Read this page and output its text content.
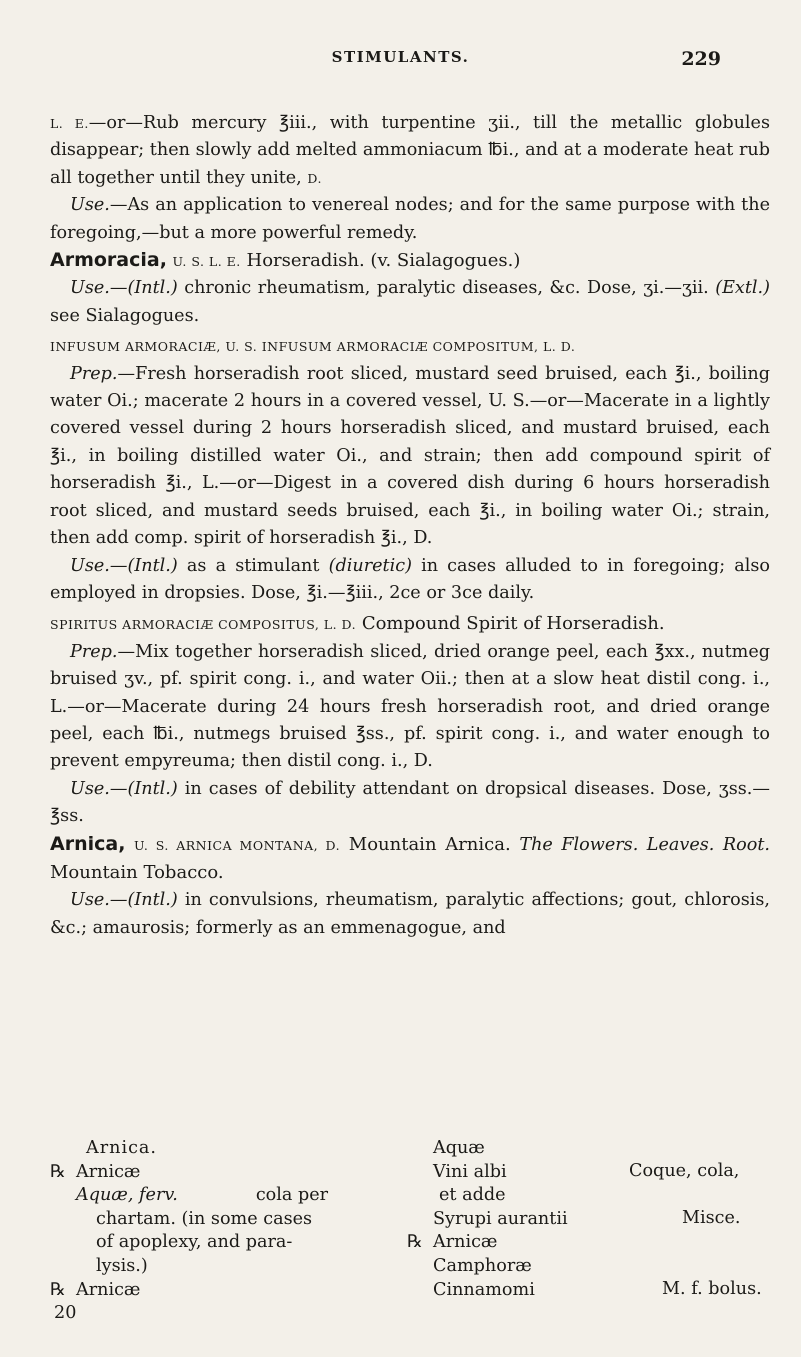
STIMULANTS.	229

L. E.—or—Rub mercury ℥iii., with turpentine ʒii., till the metallic globules disappear; then slowly add melted ammoniacum ℔i., and at a moderate heat rub all together until they unite, D.

Use.—As an application to venereal nodes; and for the same purpose with the foregoing,—but a more powerful remedy.

Armoracia, U. S. L. E. Horseradish. (v. Sialagogues.)

Use.—(Intl.) chronic rheumatism, paralytic diseases, &c. Dose, ʒi.—ʒii. (Extl.) see Sialagogues.

INFUSUM ARMORACIÆ, U. S. INFUSUM ARMORACIÆ COMPOSITUM, L. D.

Prep.—Fresh horseradish root sliced, mustard seed bruised, each ℥i., boiling water Oi.; macerate 2 hours in a covered vessel, U. S.—or—Macerate in a lightly covered vessel during 2 hours horseradish sliced, and mustard bruised, each ℥i., in boiling distilled water Oi., and strain; then add compound spirit of horseradish ℥i., L.—or—Digest in a covered dish during 6 hours horseradish root sliced, and mustard seeds bruised, each ℥i., in boiling water Oi.; strain, then add comp. spirit of horseradish ℥i., D.

Use.—(Intl.) as a stimulant (diuretic) in cases alluded to in foregoing; also employed in dropsies. Dose, ℥i.—℥iii., 2ce or 3ce daily.

SPIRITUS ARMORACIÆ COMPOSITUS, L. D. Compound Spirit of Horseradish.

Prep.—Mix together horseradish sliced, dried orange peel, each ℥xx., nutmeg bruised ʒv., pf. spirit cong. i., and water Oii.; then at a slow heat distil cong. i., L.—or—Macerate during 24 hours fresh horseradish root, and dried orange peel, each ℔i., nutmegs bruised ℥ss., pf. spirit cong. i., and water enough to prevent empyreuma; then distil cong. i., D.

Use.—(Intl.) in cases of debility attendant on dropsical diseases. Dose, ʒss.—℥ss.

Arnica, U. S. ARNICA MONTANA, D. Mountain Arnica. The Flowers. Leaves. Root. Mountain Tobacco.

Use.—(Intl.) in convulsions, rheumatism, paralytic affections; gout, chlorosis, &c.; amaurosis; formerly as an emmenagogue, and

Arnica.
℞ Arnicæ
Aquæ, ferv.	cola per
chartam. (in some cases
of apoplexy, and para-
lysis.)
℞ Arnicæ
20
Aquæ
Vini albi
et adde
Syrupi aurantii
℞ Arnicæ
Camphoræ
Cinnamomi
Coque, cola,
Misce.
M. f. bolus.
